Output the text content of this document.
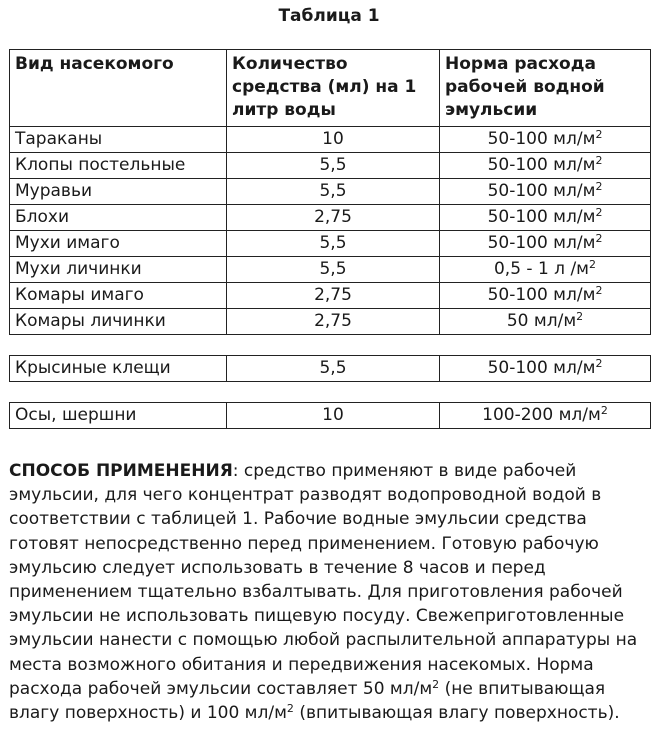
Таблица 1
Вид насекомого	Количество средства (мл) на 1 литр воды	Норма расхода рабочей водной эмульсии
Тараканы	10	50-100 $мл/м^2$
Клопы постельные	5,5	50-100 $мл/м^2$
Муравьи	5,5	50-100 $мл/м^2$
Блохи	2,75	50-100 $мл/м^2$
Мухи имаго	5,5	50-100 $мл/м^2$
Мухи личинки	5,5	0,5 - 1 л $/м^2$
Комары имаго	2,75	50-100 $мл/м^2$
Комары личинки	2,75	50 $мл/м^2$

Крысиные клещи	5,5	50-100 $мл/м^2$

Осы, шершни	10	100-200 $мл/м^2$

СПОСОБ ПРИМЕНЕНИЯ: средство применяют в виде рабочей эмульсии, для чего концентрат разводят водопроводной водой в соответствии с таблицей 1. Рабочие водные эмульсии средства готовят непосредственно перед применением. Готовую рабочую эмульсию следует использовать в течение 8 часов и перед применением тщательно взбалтывать. Для приготовления рабочей эмульсии не использовать пищевую посуду. Свежеприготовленные эмульсии нанести с помощью любой распылительной аппаратуры на места возможного обитания и передвижения насекомых. Норма расхода рабочей эмульсии составляет 50 $мл/м^2$ (не впитывающая влагу поверхность) и 100 $мл/м^2$ (впитывающая влагу поверхность).
